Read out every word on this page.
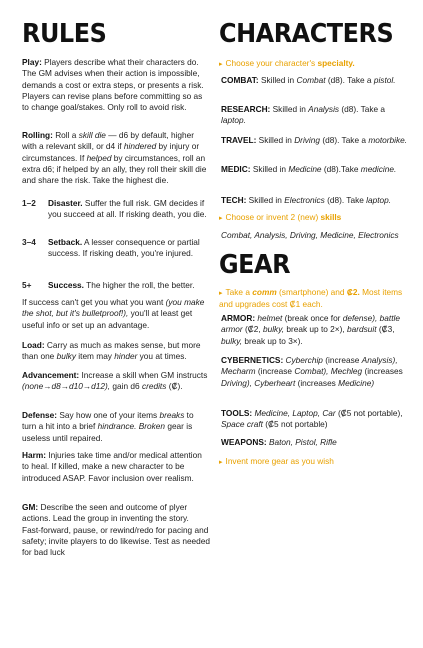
RULES

Play: Players describe what their characters do. The GM advises when their action is impossible, demands a cost or extra steps, or presents a risk. Players can revise plans before committing so as to change goal/stakes. Only roll to avoid risk.

Rolling: Roll a skill die — d6 by default, higher with a relevant skill, or d4 if hindered by injury or circumstances. If helped by circumstances, roll an extra d6; if helped by an ally, they roll their skill die and share the risk. Take the highest die.

1–2	Disaster. Suffer the full risk. GM decides if you succeed at all. If risking death, you die.
3–4	Setback. A lesser consequence or partial success. If risking death, you're injured.
5+	Success. The higher the roll, the better.

If success can't get you what you want (you make the shot, but it's bulletproof!), you'll at least get useful info or set up an advantage.

Load: Carry as much as makes sense, but more than one bulky item may hinder you at times.

Advancement: Increase a skill when GM instructs (none→d8→d10→d12), gain d6 credits (₡).

Defense: Say how one of your items breaks to turn a hit into a brief hindrance. Broken gear is useless until repaired.

Harm: Injuries take time and/or medical attention to heal. If killed, make a new character to be introduced ASAP. Favor inclusion over realism.

GM: Describe the seen and outcome of plyer actions. Lead the group in inventing the story. Fast-forward, pause, or rewind/redo for pacing and safety; invite players to do likewise. Test as needed for bad luck

CHARACTERS

▸ Choose your character's specialty.

COMBAT: Skilled in Combat (d8). Take a pistol.

RESEARCH: Skilled in Analysis (d8). Take a laptop.

TRAVEL: Skilled in Driving (d8). Take a motorbike.

MEDIC: Skilled in Medicine (d8).Take medicine.

TECH: Skilled in Electronics (d8). Take laptop.

▸ Choose or invent 2 (new) skills

Combat, Analysis, Driving, Medicine, Electronics

GEAR

▸ Take a comm (smartphone) and ₡2. Most items and upgrades cost ₡1 each.

ARMOR: helmet (break once for defense), battle armor (₡2, bulky, break up to 2×), bardsuit (₡3, bulky, break up to 3×).

CYBERNETICS: Cyberchip (increase Analysis), Mecharm (increase Combat), Mechleg (increases Driving), Cyberheart (increases Medicine)

TOOLS: Medicine, Laptop, Car (₡5 not portable), Space craft (₡5 not portable)

WEAPONS: Baton, Pistol, Rifle

▸ Invent more gear as you wish
